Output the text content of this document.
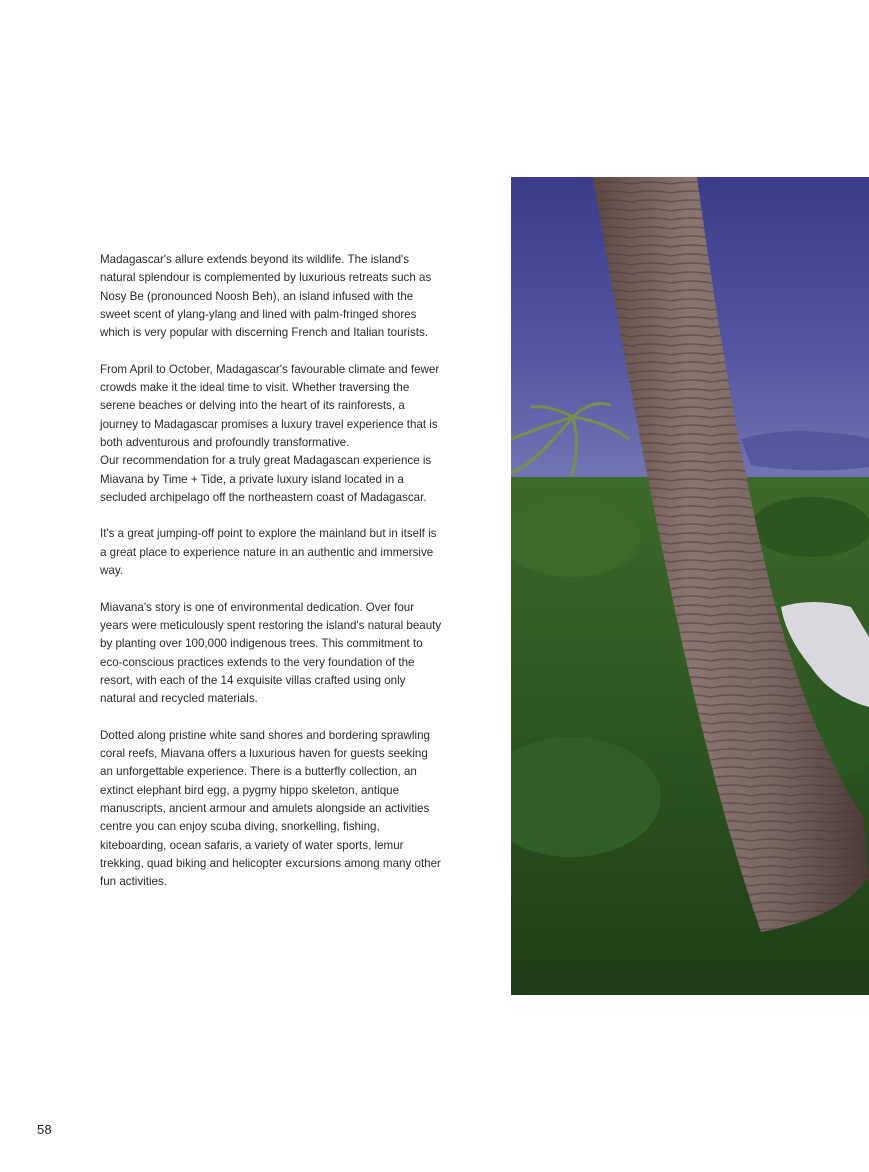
Madagascar's allure extends beyond its wildlife. The island's natural splendour is complemented by luxurious retreats such as Nosy Be (pronounced Noosh Beh), an island infused with the sweet scent of ylang-ylang and lined with palm-fringed shores which is very popular with discerning French and Italian tourists.

From April to October, Madagascar's favourable climate and fewer crowds make it the ideal time to visit. Whether traversing the serene beaches or delving into the heart of its rainforests, a journey to Madagascar promises a luxury travel experience that is both adventurous and profoundly transformative.

Our recommendation for a truly great Madagascan experience is Miavana by Time + Tide, a private luxury island located in a secluded archipelago off the northeastern coast of Madagascar.

It's a great jumping-off point to explore the mainland but in itself is a great place to experience nature in an authentic and immersive way.

Miavana's story is one of environmental dedication. Over four years were meticulously spent restoring the island's natural beauty by planting over 100,000 indigenous trees. This commitment to eco-conscious practices extends to the very foundation of the resort, with each of the 14 exquisite villas crafted using only natural and recycled materials.

Dotted along pristine white sand shores and bordering sprawling coral reefs, Miavana offers a luxurious haven for guests seeking an unforgettable experience. There is a butterfly collection, an extinct elephant bird egg, a pygmy hippo skeleton, antique manuscripts, ancient armour and amulets alongside an activities centre you can enjoy scuba diving, snorkelling, fishing, kiteboarding, ocean safaris, a variety of water sports, lemur trekking, quad biking and helicopter excursions among many other fun activities.

58
